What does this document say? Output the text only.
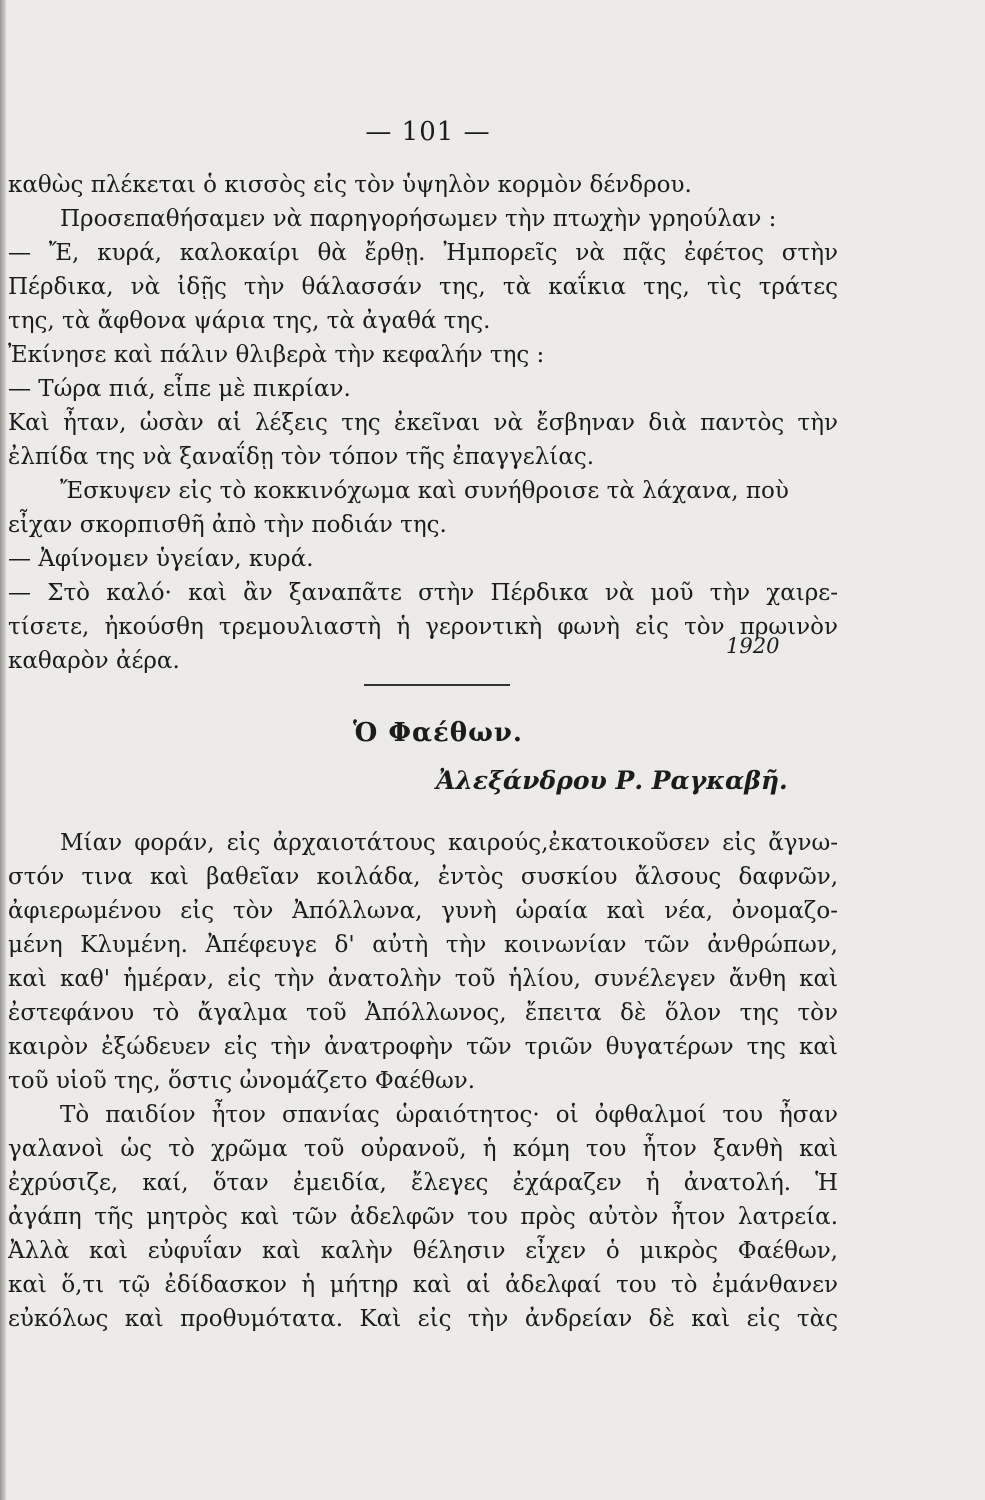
— 101 —
καθὼς πλέκεται ὁ κισσὸς εἰς τὸν ὑψηλὸν κορμὸν δένδρου.
Προσεπαθήσαμεν νὰ παρηγορήσωμεν τὴν πτωχὴν γρηούλαν :
— Ἔ, κυρά, καλοκαίρι θὰ ἔρθῃ. Ἠμπορεῖς νὰ πᾷς ἐφέτος στὴν
Πέρδικα, νὰ ἰδῇς τὴν θάλασσάν της, τὰ καΐκια της, τὶς τράτες
της, τὰ ἄφθονα ψάρια της, τὰ ἀγαθά της.
Ἐκίνησε καὶ πάλιν θλιβερὰ τὴν κεφαλήν της :
— Τώρα πιά, εἶπε μὲ πικρίαν.
Καὶ ἦταν, ὡσὰν αἱ λέξεις της ἐκεῖναι νὰ ἔσβηναν διὰ παντὸς τὴν
ἐλπίδα της νὰ ξαναΐδῃ τὸν τόπον τῆς ἐπαγγελίας.
Ἔσκυψεν εἰς τὸ κοκκινόχωμα καὶ συνήθροισε τὰ λάχανα, ποὺ
εἶχαν σκορπισθῆ ἀπὸ τὴν ποδιάν της.
— Ἀφίνομεν ὑγείαν, κυρά.
— Στὸ καλό· καὶ ἂν ξαναπᾶτε στὴν Πέρδικα νὰ μοῦ τὴν χαιρε-
τίσετε, ἠκούσθη τρεμουλιαστὴ ἡ γεροντικὴ φωνὴ εἰς τὸν πρωινὸν
καθαρὸν ἀέρα.
1920
Ὁ Φαέθων.
Ἀλεξάνδρου Ρ. Ραγκαβῆ.
Μίαν φοράν, εἰς ἀρχαιοτάτους καιρούς,ἐκατοικοῦσεν εἰς ἄγνω-
στόν τινα καὶ βαθεῖαν κοιλάδα, ἐντὸς συσκίου ἄλσους δαφνῶν,
ἀφιερωμένου εἰς τὸν Ἀπόλλωνα, γυνὴ ὡραία καὶ νέα, ὀνομαζο-
μένη Κλυμένη. Ἀπέφευγε δ' αὐτὴ τὴν κοινωνίαν τῶν ἀνθρώπων,
καὶ καθ' ἡμέραν, εἰς τὴν ἀνατολὴν τοῦ ἡλίου, συνέλεγεν ἄνθη καὶ
ἐστεφάνου τὸ ἄγαλμα τοῦ Ἀπόλλωνος, ἔπειτα δὲ ὅλον της τὸν
καιρὸν ἐξώδευεν εἰς τὴν ἀνατροφὴν τῶν τριῶν θυγατέρων της καὶ
τοῦ υἱοῦ της, ὅστις ὠνομάζετο Φαέθων.
Τὸ παιδίον ἦτον σπανίας ὡραιότητος· οἱ ὀφθαλμοί του ἦσαν
γαλανοὶ ὡς τὸ χρῶμα τοῦ οὐρανοῦ, ἡ κόμη του ἦτον ξανθὴ καὶ
ἐχρύσιζε, καί, ὅταν ἐμειδία, ἔλεγες ἐχάραζεν ἡ ἀνατολή. Ἡ
ἀγάπη τῆς μητρὸς καὶ τῶν ἀδελφῶν του πρὸς αὐτὸν ἦτον λατρεία.
Ἀλλὰ καὶ εὐφυΐαν καὶ καλὴν θέλησιν εἶχεν ὁ μικρὸς Φαέθων,
καὶ ὅ,τι τῷ ἐδίδασκον ἡ μήτηρ καὶ αἱ ἀδελφαί του τὸ ἐμάνθανεν
εὐκόλως καὶ προθυμότατα. Καὶ εἰς τὴν ἀνδρείαν δὲ καὶ εἰς τὰς
